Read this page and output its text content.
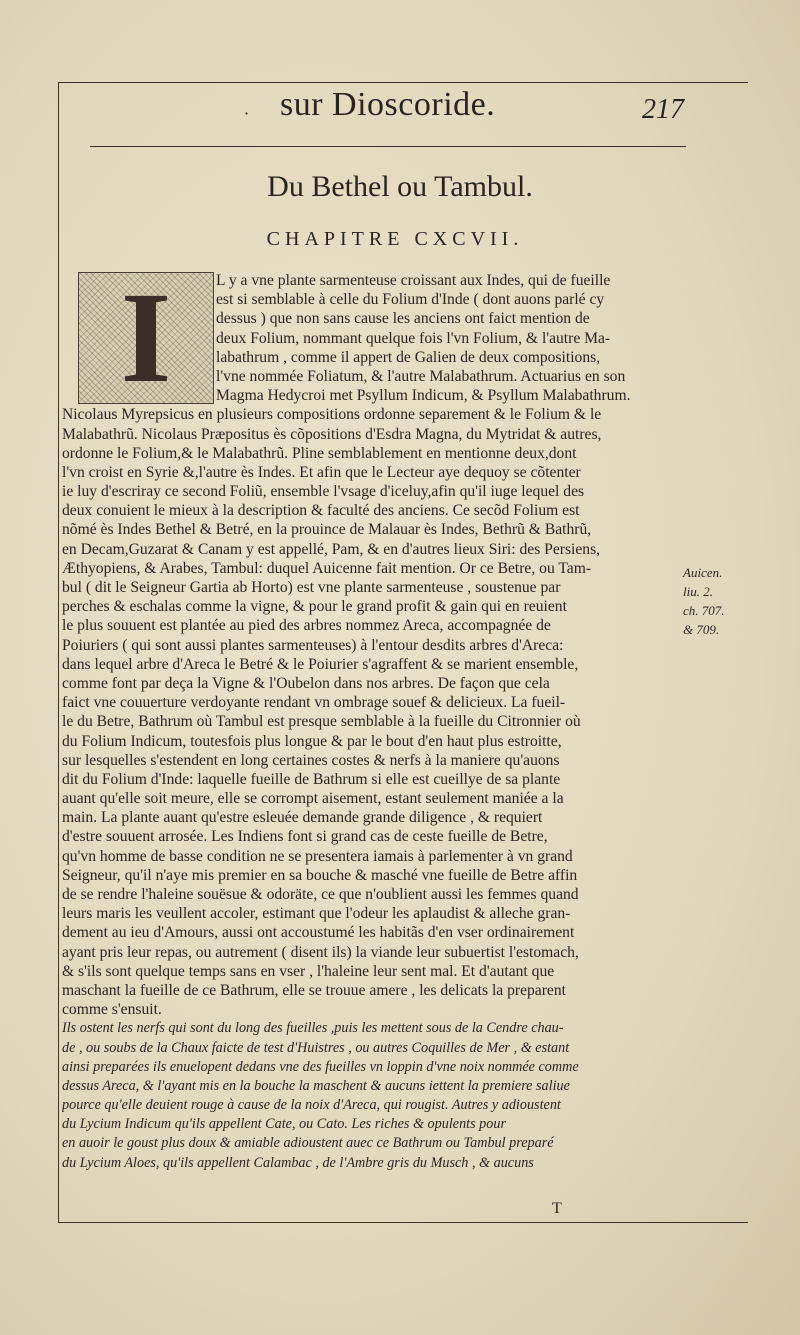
· sur Dioscoride.	217
Du Bethel ou Tambul.
CHAPITRE CXCVII.
I	L y a vne plante sarmenteuse croissant aux Indes, qui de fueille
est si semblable à celle du Folium d'Inde ( dont auons parlé cy
dessus ) que non sans cause les anciens ont faict mention de
deux Folium, nommant quelque fois l'vn Folium, & l'autre Ma-
labathrum , comme il appert de Galien de deux compositions,
l'vne nommée Foliatum, & l'autre Malabathrum. Actuarius en son
Magma Hedycroi met Psyllum Indicum, & Psyllum Malabathrum.
Nicolaus Myrepsicus en plusieurs compositions ordonne separement & le Folium & le
Malabathrũ. Nicolaus Præpositus ès cõpositions d'Esdra Magna, du Mytridat & autres,
ordonne le Folium,& le Malabathrũ. Pline semblablement en mentionne deux,dont
l'vn croist en Syrie &,l'autre ès Indes. Et afin que le Lecteur aye dequoy se cõtenter
ie luy d'escriray ce second Foliũ, ensemble l'vsage d'iceluy,afin qu'il iuge lequel des
deux conuient le mieux à la description & faculté des anciens. Ce secõd Folium est
nõmé ès Indes Bethel & Betré, en la prouince de Malauar ès Indes, Bethrũ & Bathrũ,
en Decam,Guzarat & Canam y est appellé, Pam, & en d'autres lieux Siri: des Persiens,
Æthyopiens, & Arabes, Tambul: duquel Auicenne fait mention. Or ce Betre, ou Tam-
bul ( dit le Seigneur Gartia ab Horto) est vne plante sarmenteuse , soustenue par
perches & eschalas comme la vigne, & pour le grand profit & gain qui en reuient
le plus souuent est plantée au pied des arbres nommez Areca, accompagnée de
Poiuriers ( qui sont aussi plantes sarmenteuses) à l'entour desdits arbres d'Areca:
dans lequel arbre d'Areca le Betré & le Poiurier s'agraffent & se marient ensemble,
comme font par deça la Vigne & l'Oubelon dans nos arbres. De façon que cela
faict vne couuerture verdoyante rendant vn ombrage souef & delicieux. La fueil-
le du Betre, Bathrum où Tambul est presque semblable à la fueille du Citronnier où
du Folium Indicum, toutesfois plus longue & par le bout d'en haut plus estroitte,
sur lesquelles s'estendent en long certaines costes & nerfs à la maniere qu'auons
dit du Folium d'Inde: laquelle fueille de Bathrum si elle est cueillye de sa plante
auant qu'elle soit meure, elle se corrompt aisement, estant seulement maniée a la
main. La plante auant qu'estre esleuée demande grande diligence , & requiert
d'estre souuent arrosée. Les Indiens font si grand cas de ceste fueille de Betre,
qu'vn homme de basse condition ne se presentera iamais à parlementer à vn grand
Seigneur, qu'il n'aye mis premier en sa bouche & masché vne fueille de Betre affin
de se rendre l'haleine souësue & odoräte, ce que n'oublient aussi les femmes quand
leurs maris les veullent accoler, estimant que l'odeur les aplaudist & alleche gran-
dement au ieu d'Amours, aussi ont accoustumé les habitãs d'en vser ordinairement
ayant pris leur repas, ou autrement ( disent ils) la viande leur subuertist l'estomach,
& s'ils sont quelque temps sans en vser , l'haleine leur sent mal. Et d'autant que
maschant la fueille de ce Bathrum, elle se trouue amere , les delicats la preparent
comme s'ensuit.
Ils ostent les nerfs qui sont du long des fueilles ,puis les mettent sous de la Cendre chau-
de , ou soubs de la Chaux faicte de test d'Huistres , ou autres Coquilles de Mer , & estant
ainsi preparées ils enuelopent dedans vne des fueilles vn loppin d'vne noix nommée comme
dessus Areca, & l'ayant mis en la bouche la maschent & aucuns iettent la premiere saliue
pource qu'elle deuient rouge à cause de la noix d'Areca, qui rougist. Autres y adioustent
du Lycium Indicum qu'ils appellent Cate, ou Cato. Les riches & opulents pour
en auoir le goust plus doux & amiable adioustent auec ce Bathrum ou Tambul preparé
du Lycium Aloes, qu'ils appellent Calambac , de l'Ambre gris du Musch , & aucuns
Auicen.
liu. 2.
ch. 707.
& 709.
T
